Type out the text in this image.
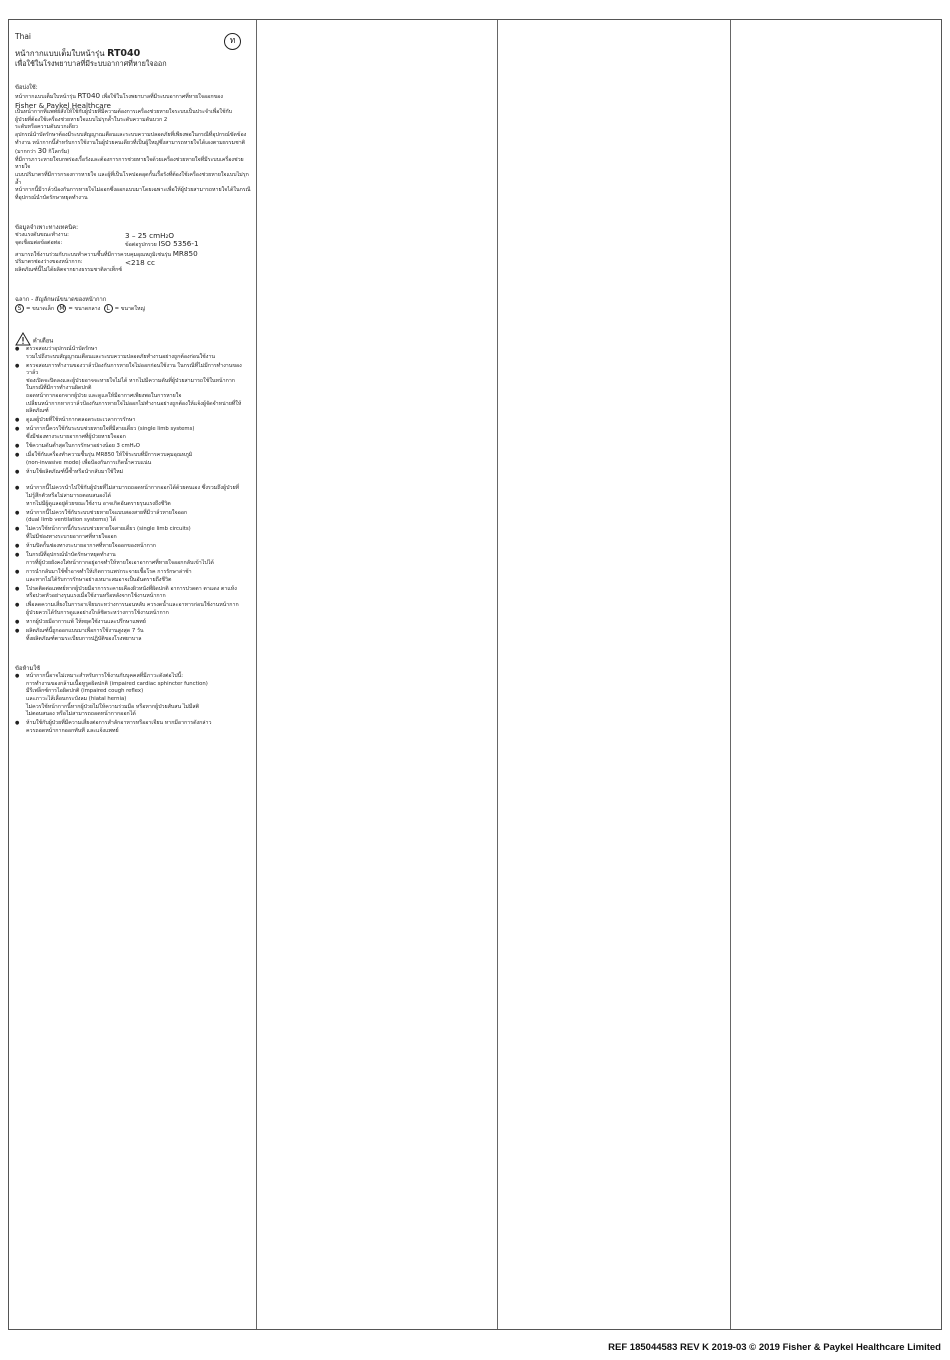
Thai	ท
หน้ากากแบบเต็มใบหน้ารุ่น RT040
เพื่อใช้ในโรงพยาบาลที่มีระบบอากาศที่หายใจออก
ข้อบ่งใช้:
หน้ากากแบบเต็มใบหน้ารุ่น RT040 เพื่อใช้ในโรงพยาบาลที่มีระบบอากาศที่หายใจออกของ
Fisher & Paykel Healthcare
เป็นหน้ากากที่แพทย์สั่งให้ใช้กับผู้ป่วยที่มีความต้องการเครื่องช่วยหายใจระบบเป็นประจำเพื่อใช้กับ
ผู้ป่วยที่ต้องใช้เครื่องช่วยหายใจแบบไม่รุกล้ำในระดับความดันบวก 2
ระดับหรือความดันบวกเดียว
อุปกรณ์นำบัดรักษาต้องมีระบบสัญญาณเตือนและระบบความปลอดภัยที่เพียงพอในกรณีที่อุปกรณ์ขัดข้อง
ทำงาน หน้ากากนี้สำหรับการใช้งานในผู้ป่วยคนเดียวที่เป็นผู้ใหญ่ซึ่งสามารถหายใจได้เองตามธรรมชาติ
(มากกว่า 30 กิโลกรัม)
ที่มีการภาวะหายใจบกพร่องเรื้อรังและต้องการการช่วยหายใจด้วยเครื่องช่วยหายใจที่มีระบบเครื่องช่วยหายใจ
แบบปริมาตรที่มีการกรองการหายใจ และผู้ที่เป็นโรคปอดอุดกั้นเรื้อรังที่ต้องใช้เครื่องช่วยหายใจแบบไม่รุกล้ำ
หน้ากากนี้มีวาล์วป้องกันการหายใจไม่ออกซึ่งออกแบบมาโดยเฉพาะเพื่อให้ผู้ป่วยสามารถหายใจได้ในกรณี
ที่อุปกรณ์นำบัดรักษาหยุดทำงาน
ข้อมูลจำเพาะทางเทคนิค:
ช่วงแรงดันขณะทำงาน:	3 – 25 cmH₂O
จุดเชื่อมต่อข้อต่อท่อ:	ข้อต่อรูปกรวย ISO 5356-1
สามารถใช้งานร่วมกับระบบทำความชื้นที่มีการควบคุมอุณหภูมิเช่นรุ่น MR850
ปริมาตรช่องว่างของหน้ากาก:	<218 cc
ผลิตภัณฑ์นี้ไม่ได้ผลิตจากยางธรรมชาติลาเท็กซ์
ฉลาก - สัญลักษณ์ขนาดของหน้ากาก
S = ขนาดเล็ก M = ขนาดกลาง L = ขนาดใหญ่
คำเตือน
● ตรวจสอบว่าอุปกรณ์นำบัดรักษา
รวมไปถึงระบบสัญญาณเตือนและระบบความปลอดภัยทำงานอย่างถูกต้องก่อนใช้งาน
● ตรวจสอบการทำงานของวาล์วป้องกันการหายใจไม่ออกก่อนใช้งาน ในกรณีที่ไม่มีการทำงานของวาล์ว
ช่องเปิดจะปิดลงและผู้ป่วยอาจจะหายใจไม่ได้ หากไม่มีความดันที่ผู้ป่วยสามารถใช้ในหน้ากาก
ในกรณีที่มีการทำงานผิดปกติ
ถอดหน้ากากออกจากผู้ป่วย และดูแลให้มีอากาศเพียงพอในการหายใจ
เปลี่ยนหน้ากากหากวาล์วป้องกันการหายใจไม่ออกไม่ทำงานอย่างถูกต้องให้แจ้งผู้จัดจำหน่ายที่ให้ผลิตภัณฑ์
● ดูแลผู้ป่วยที่ใช้หน้ากากตลอดระยะเวลาการรักษา
● หน้ากากนี้ควรใช้กับระบบช่วยหายใจที่มีสายเดี่ยว (single limb systems)
ซึ่งมีช่องทางระบายอากาศที่ผู้ป่วยหายใจออก
● ใช้ความดันต่ำสุดในการรักษาอย่างน้อย 3 cmH₂O
● เมื่อใช้กับเครื่องทำความชื้นรุ่น MR850 ให้ใช้ระบบที่มีการควบคุมอุณหภูมิ
(non-invasive mode) เพื่อป้องกันการเกิดน้ำควบแน่น
● ห้ามใช้ผลิตภัณฑ์นี้ซ้ำหรือนำกลับมาใช้ใหม่
● หน้ากากนี้ไม่ควรนำไปใช้กับผู้ป่วยที่ไม่สามารถถอดหน้ากากออกได้ด้วยตนเอง ซึ่งรวมถึงผู้ป่วยที่
ไม่รู้สึกตัวหรือไม่สามารถตอบสนองได้
หากไม่มีผู้ดูแลอยู่ด้วยขณะใช้งาน อาจเกิดอันตรายรุนแรงถึงชีวิต
● หน้ากากนี้ไม่ควรใช้กับระบบช่วยหายใจแบบสองสายที่มีวาล์วหายใจออก
(dual limb ventilation systems) ได้
● ไม่ควรใช้หน้ากากนี้กับระบบช่วยหายใจสายเดี่ยว (single limb circuits)
ที่ไม่มีช่องทางระบายอากาศที่หายใจออก
● ห้ามปิดกั้นช่องทางระบายอากาศที่หายใจออกของหน้ากาก
● ในกรณีที่อุปกรณ์นำบัดรักษาหยุดทำงาน
การที่ผู้ป่วยยังคงใส่หน้ากากอยู่อาจทำให้หายใจเอาอากาศที่หายใจออกกลับเข้าไปได้
● การนำกลับมาใช้ซ้ำอาจทำให้เกิดการแพร่กระจายเชื้อโรค การรักษาล่าช้า
และหากไม่ได้รับการรักษาอย่างเหมาะสมอาจเป็นอันตรายถึงชีวิต
● โปรดติดต่อแพทย์หากผู้ป่วยมีอาการระคายเคืองผิวหนังที่ผิดปกติ อาการปวดตา ตาแดง ตาแห้ง
หรือปวดหัวอย่างรุนแรงเมื่อใช้งานหรือหลังจากใช้งานหน้ากาก
● เพื่อลดความเสี่ยงในการอาเจียนระหว่างการนอนหลับ ควรงดน้ำและอาหารก่อนใช้งานหน้ากาก
ผู้ป่วยควรได้รับการดูแลอย่างใกล้ชิดระหว่างการใช้งานหน้ากาก
● หากผู้ป่วยมีอาการแพ้ ให้หยุดใช้งานและปรึกษาแพทย์
● ผลิตภัณฑ์นี้ถูกออกแบบมาเพื่อการใช้งานสูงสุด 7 วัน
ทิ้งผลิตภัณฑ์ตามระเบียบการปฏิบัติของโรงพยาบาล
ข้อห้ามใช้
● หน้ากากนี้อาจไม่เหมาะสำหรับการใช้งานกับบุคคลที่มีภาวะดังต่อไปนี้:
การทำงานของกล้ามเนื้อหูรูดผิดปกติ (impaired cardiac sphincter function)
มีรีเฟล็กซ์การไอผิดปกติ (impaired cough reflex)
และภาวะไส้เลื่อนกระบังลม (hiatal hernia)
ไม่ควรใช้หน้ากากนี้หากผู้ป่วยไม่ให้ความร่วมมือ หรือหากผู้ป่วยสับสน ไม่มีสติ
ไม่ตอบสนอง หรือไม่สามารถถอดหน้ากากออกได้
● ห้ามใช้กับผู้ป่วยที่มีความเสี่ยงต่อการสำลักอาหารหรืออาเจียน หากมีอาการดังกล่าว
ควรถอดหน้ากากออกทันที และแจ้งแพทย์
REF 185044583 REV K 2019-03 © 2019 Fisher & Paykel Healthcare Limited
